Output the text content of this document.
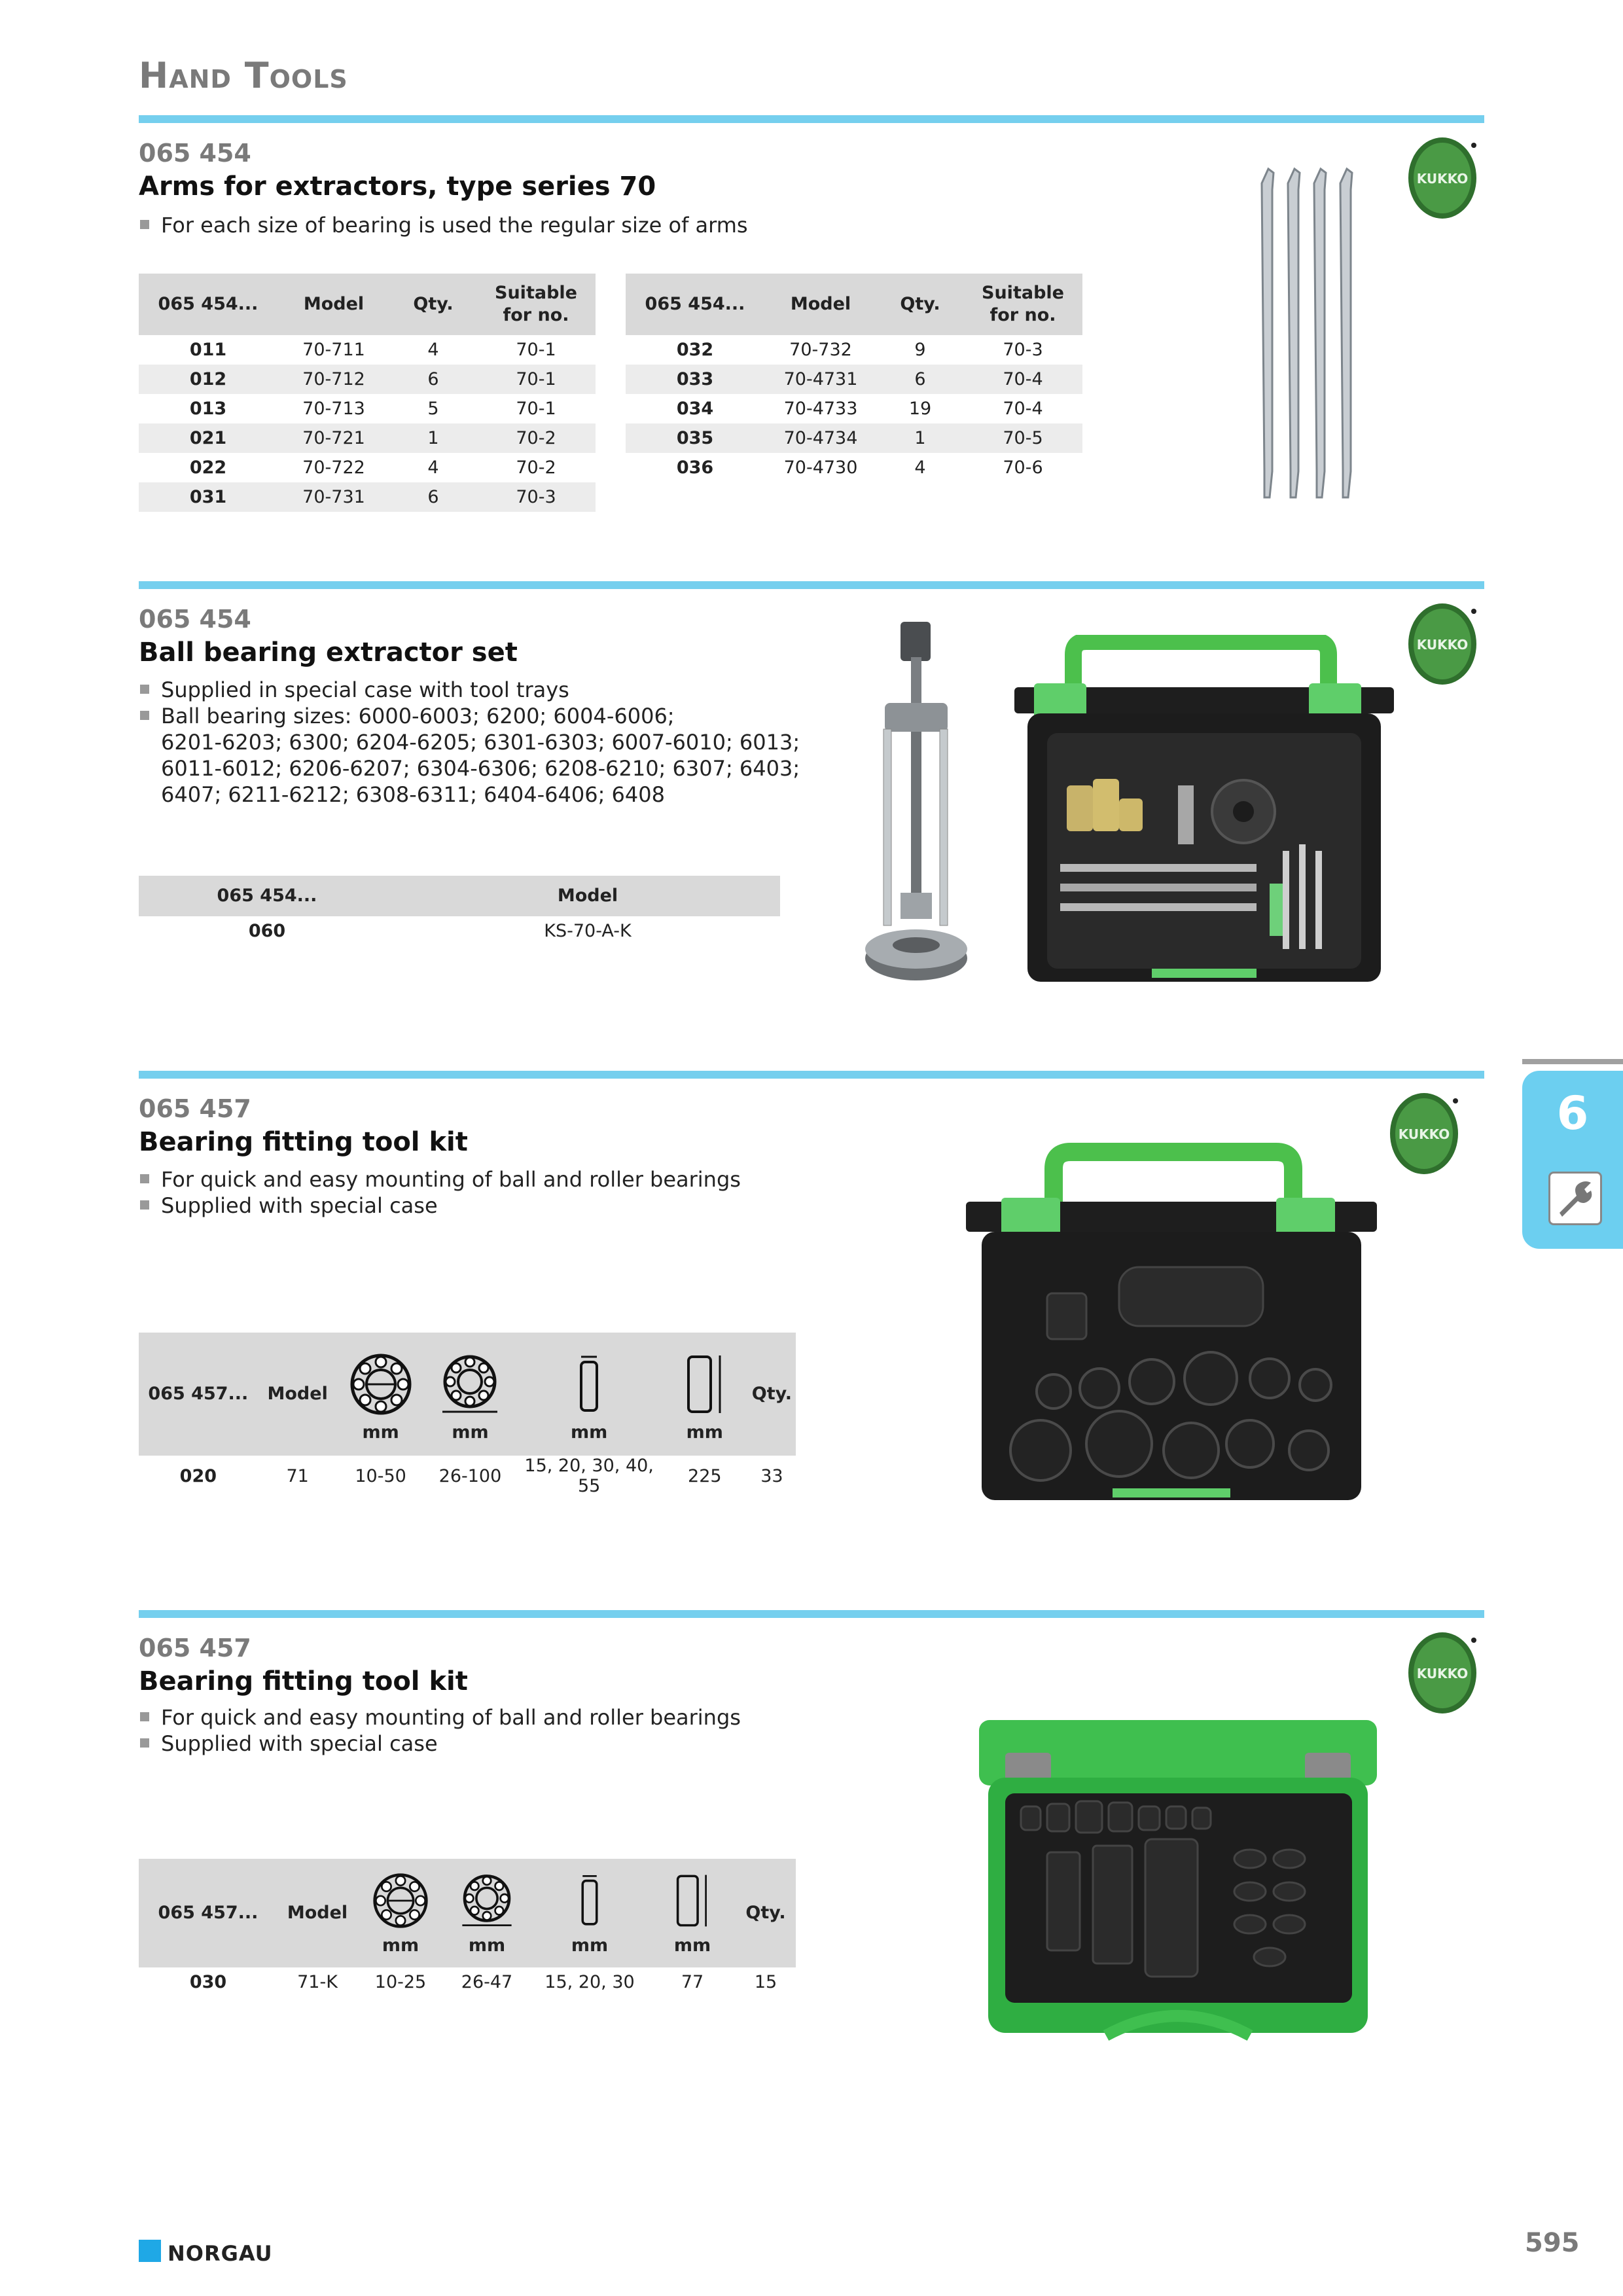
Hand Tools
065 454
Arms for extractors, type series 70
For each size of bearing is used the regular size of arms
065 454...	Model	Qty.	Suitable for no.
011	70-711	4	70-1
012	70-712	6	70-1
013	70-713	5	70-1
021	70-721	1	70-2
022	70-722	4	70-2
031	70-731	6	70-3
065 454...	Model	Qty.	Suitable for no.
032	70-732	9	70-3
033	70-4731	6	70-4
034	70-4733	19	70-4
035	70-4734	1	70-5
036	70-4730	4	70-6
KUKKO
065 454
Ball bearing extractor set
Supplied in special case with tool trays
Ball bearing sizes: 6000-6003; 6200; 6004-6006;
6201-6203; 6300; 6204-6205; 6301-6303; 6007-6010; 6013;
6011-6012; 6206-6207; 6304-6306; 6208-6210; 6307; 6403;
6407; 6211-6212; 6308-6311; 6404-6406; 6408
065 454...	Model
060	KS-70-A-K
KUKKO
065 457
Bearing fitting tool kit
For quick and easy mounting of ball and roller bearings
Supplied with special case
065 457...	Model	mm	mm	mm	mm	Qty.
020	71	10-50	26-100	15, 20, 30, 40, 55	225	33
KUKKO
065 457
Bearing fitting tool kit
For quick and easy mounting of ball and roller bearings
Supplied with special case
065 457...	Model	mm	mm	mm	mm	Qty.
030	71-K	10-25	26-47	15, 20, 30	77	15
KUKKO
6
NORGAU	595
